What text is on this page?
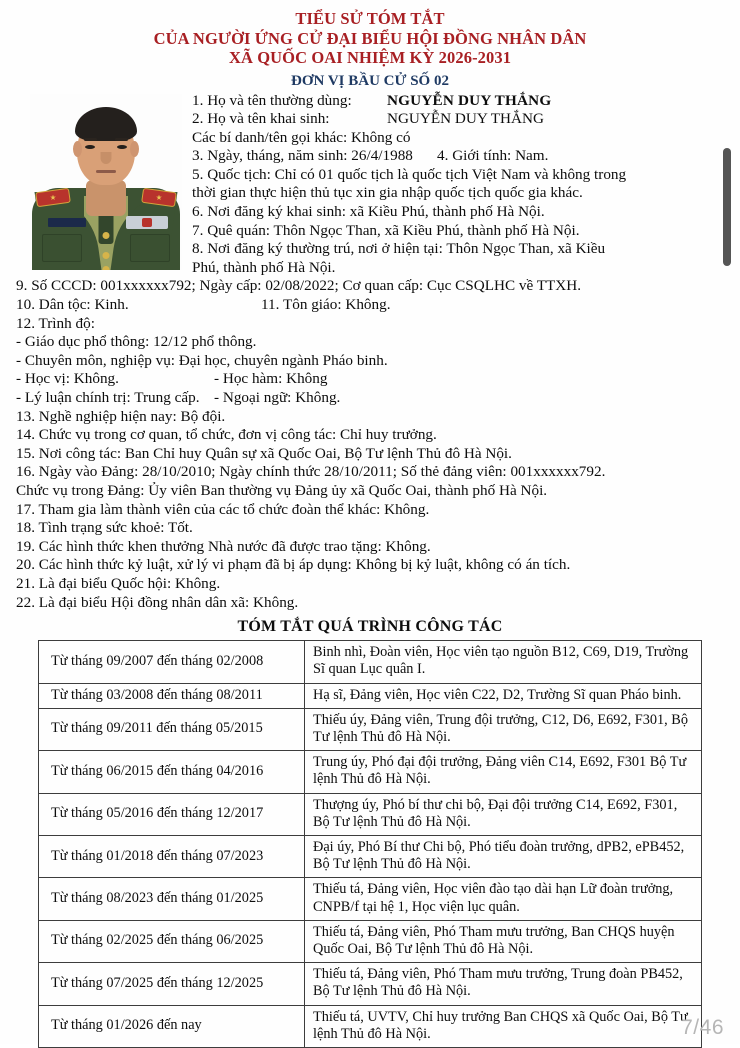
TIỂU SỬ TÓM TẮT
CỦA NGƯỜI ỨNG CỬ ĐẠI BIỂU HỘI ĐỒNG NHÂN DÂN
XÃ QUỐC OAI NHIỆM KỲ 2026-2031
ĐƠN VỊ BẦU CỬ SỐ 02

1. Họ và tên thường dùng:	NGUYỄN DUY THẮNG

2. Họ và tên khai sinh:	NGUYỄN DUY THẮNG

Các bí danh/tên gọi khác: Không có

3. Ngày, tháng, năm sinh: 26/4/1988	4. Giới tính: Nam.

5. Quốc tịch: Chỉ có 01 quốc tịch là quốc tịch Việt Nam và không trong

thời gian thực hiện thủ tục xin gia nhập quốc tịch quốc gia khác.

6. Nơi đăng ký khai sinh: xã Kiều Phú, thành phố Hà Nội.

7. Quê quán: Thôn Ngọc Than, xã Kiều Phú, thành phố Hà Nội.

8. Nơi đăng ký thường trú, nơi ở hiện tại: Thôn Ngọc Than, xã Kiều

Phú, thành phố Hà Nội.

9. Số CCCD: 001xxxxxx792; Ngày cấp: 02/08/2022; Cơ quan cấp: Cục CSQLHC về TTXH.

10. Dân tộc: Kinh.	11. Tôn giáo: Không.

12. Trình độ:

- Giáo dục phổ thông: 12/12 phổ thông.

- Chuyên môn, nghiệp vụ: Đại học, chuyên ngành Pháo binh.

- Học vị: Không.	- Học hàm: Không

- Lý luận chính trị: Trung cấp. - Ngoại ngữ: Không.

13. Nghề nghiệp hiện nay: Bộ đội.

14. Chức vụ trong cơ quan, tổ chức, đơn vị công tác: Chỉ huy trưởng.

15. Nơi công tác: Ban Chỉ huy Quân sự xã Quốc Oai, Bộ Tư lệnh Thủ đô Hà Nội.

16. Ngày vào Đảng: 28/10/2010; Ngày chính thức 28/10/2011; Số thẻ đảng viên: 001xxxxxx792.

Chức vụ trong Đảng: Ủy viên Ban thường vụ Đảng ủy xã Quốc Oai, thành phố Hà Nội.

17. Tham gia làm thành viên của các tổ chức đoàn thể khác: Không.

18. Tình trạng sức khoẻ: Tốt.

19. Các hình thức khen thưởng Nhà nước đã được trao tặng: Không.

20. Các hình thức kỷ luật, xử lý vi phạm đã bị áp dụng: Không bị kỷ luật, không có án tích.

21. Là đại biểu Quốc hội: Không.

22. Là đại biểu Hội đồng nhân dân xã: Không.

TÓM TẮT QUÁ TRÌNH CÔNG TÁC
Từ tháng 09/2007 đến tháng 02/2008	Binh nhì, Đoàn viên, Học viên tạo nguồn B12, C69, D19, Trường Sĩ quan Lục quân I.
Từ tháng 03/2008 đến tháng 08/2011	Hạ sĩ, Đảng viên, Học viên C22, D2, Trường Sĩ quan Pháo binh.
Từ tháng 09/2011 đến tháng 05/2015	Thiếu úy, Đảng viên, Trung đội trưởng, C12, D6, E692, F301, Bộ Tư lệnh Thủ đô Hà Nội.
Từ tháng 06/2015 đến tháng 04/2016	Trung úy, Phó đại đội trưởng, Đảng viên C14, E692, F301 Bộ Tư lệnh Thủ đô Hà Nội.
Từ tháng 05/2016 đến tháng 12/2017	Thượng úy, Phó bí thư chi bộ, Đại đội trưởng C14, E692, F301, Bộ Tư lệnh Thủ đô Hà Nội.
Từ tháng 01/2018 đến tháng 07/2023	Đại úy, Phó Bí thư Chi bộ, Phó tiểu đoàn trưởng, dPB2, ePB452, Bộ Tư lệnh Thủ đô Hà Nội.
Từ tháng 08/2023 đến tháng 01/2025	Thiếu tá, Đảng viên, Học viên đào tạo dài hạn Lữ đoàn trưởng, CNPB/f tại hệ 1, Học viện lục quân.
Từ tháng 02/2025 đến tháng 06/2025	Thiếu tá, Đảng viên, Phó Tham mưu trưởng, Ban CHQS huyện Quốc Oai, Bộ Tư lệnh Thủ đô Hà Nội.
Từ tháng 07/2025 đến tháng 12/2025	Thiếu tá, Đảng viên, Phó Tham mưu trưởng, Trung đoàn PB452, Bộ Tư lệnh Thủ đô Hà Nội.
Từ tháng 01/2026 đến nay	Thiếu tá, UVTV, Chỉ huy trưởng Ban CHQS xã Quốc Oai, Bộ Tư lệnh Thủ đô Hà Nội.	7/46
